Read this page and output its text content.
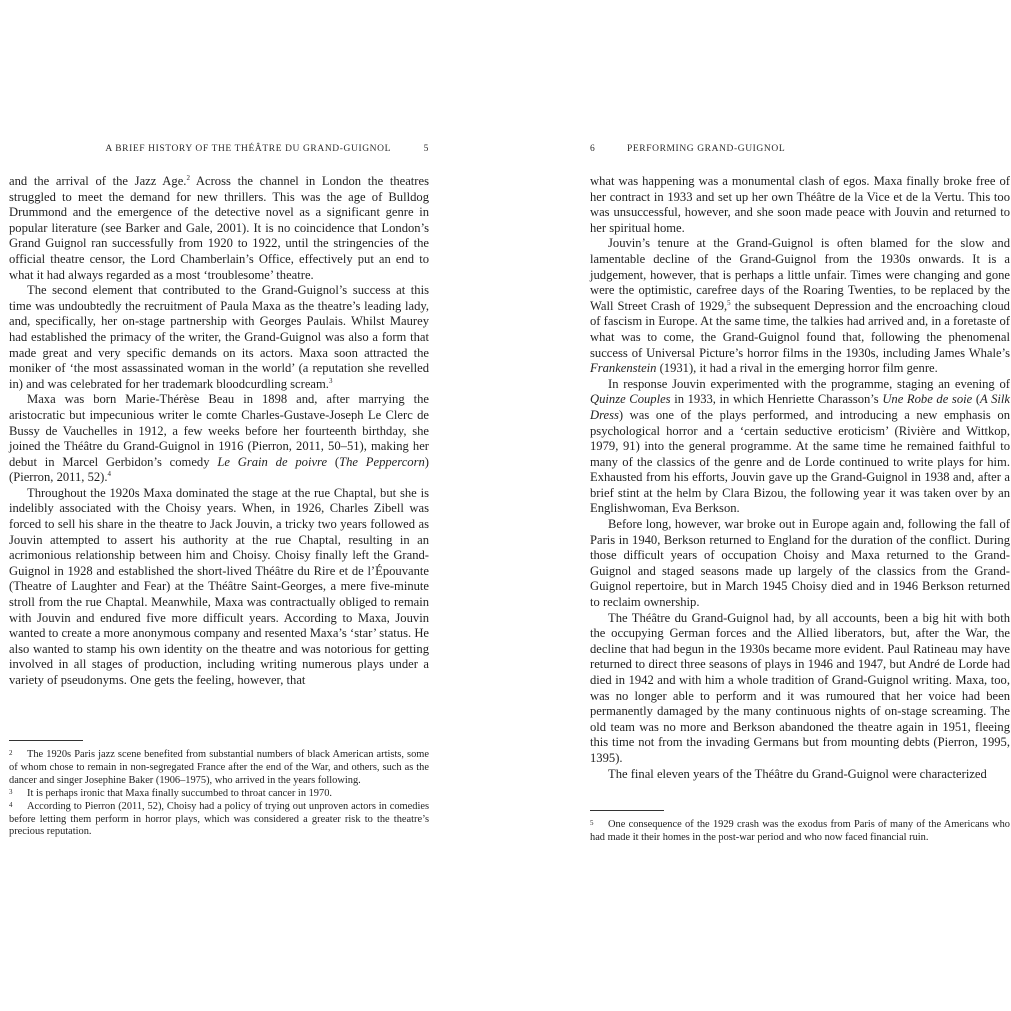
A BRIEF HISTORY OF THE THÉÂTRE DU GRAND-GUIGNOL	5

and the arrival of the Jazz Age.$^2$ Across the channel in London the theatres struggled to meet the demand for new thrillers. This was the age of Bulldog Drummond and the emergence of the detective novel as a significant genre in popular literature (see Barker and Gale, 2001). It is no coincidence that London’s Grand Guignol ran successfully from 1920 to 1922, until the stringencies of the official theatre censor, the Lord Chamberlain’s Office, effectively put an end to what it had always regarded as a most ‘troublesome’ theatre.

The second element that contributed to the Grand-Guignol’s success at this time was undoubtedly the recruitment of Paula Maxa as the theatre’s leading lady, and, specifically, her on-stage partnership with Georges Paulais. Whilst Maurey had established the primacy of the writer, the Grand-Guignol was also a form that made great and very specific demands on its actors. Maxa soon attracted the moniker of ‘the most assassinated woman in the world’ (a reputation she revelled in) and was celebrated for her trademark bloodcurdling scream.$^3$

Maxa was born Marie-Thérèse Beau in 1898 and, after marrying the aristocratic but impecunious writer le comte Charles-Gustave-Joseph Le Clerc de Bussy de Vauchelles in 1912, a few weeks before her fourteenth birthday, she joined the Théâtre du Grand-Guignol in 1916 (Pierron, 2011, 50–51), making her debut in Marcel Gerbidon’s comedy Le Grain de poivre (The Peppercorn) (Pierron, 2011, 52).$^4$

Throughout the 1920s Maxa dominated the stage at the rue Chaptal, but she is indelibly associated with the Choisy years. When, in 1926, Charles Zibell was forced to sell his share in the theatre to Jack Jouvin, a tricky two years followed as Jouvin attempted to assert his authority at the rue Chaptal, resulting in an acrimonious relationship between him and Choisy. Choisy finally left the Grand-Guignol in 1928 and established the short-lived Théâtre du Rire et de l’Épouvante (Theatre of Laughter and Fear) at the Théâtre Saint-Georges, a mere five-minute stroll from the rue Chaptal. Meanwhile, Maxa was contractually obliged to remain with Jouvin and endured five more difficult years. According to Maxa, Jouvin wanted to create a more anonymous company and resented Maxa’s ‘star’ status. He also wanted to stamp his own identity on the theatre and was notorious for getting involved in all stages of production, including writing numerous plays under a variety of pseudonyms. One gets the feeling, however, that

2 The 1920s Paris jazz scene benefited from substantial numbers of black American artists, some of whom chose to remain in non-segregated France after the end of the War, and others, such as the dancer and singer Josephine Baker (1906–1975), who arrived in the years following.

3 It is perhaps ironic that Maxa finally succumbed to throat cancer in 1970.

4 According to Pierron (2011, 52), Choisy had a policy of trying out unproven actors in comedies before letting them perform in horror plays, which was considered a greater risk to the theatre’s precious reputation.

6	PERFORMING GRAND-GUIGNOL

what was happening was a monumental clash of egos. Maxa finally broke free of her contract in 1933 and set up her own Théâtre de la Vice et de la Vertu. This too was unsuccessful, however, and she soon made peace with Jouvin and returned to her spiritual home.

Jouvin’s tenure at the Grand-Guignol is often blamed for the slow and lamentable decline of the Grand-Guignol from the 1930s onwards. It is a judgement, however, that is perhaps a little unfair. Times were changing and gone were the optimistic, carefree days of the Roaring Twenties, to be replaced by the Wall Street Crash of 1929,$^5$ the subsequent Depression and the encroaching cloud of fascism in Europe. At the same time, the talkies had arrived and, in a foretaste of what was to come, the Grand-Guignol found that, following the phenomenal success of Universal Picture’s horror films in the 1930s, including James Whale’s Frankenstein (1931), it had a rival in the emerging horror film genre.

In response Jouvin experimented with the programme, staging an evening of Quinze Couples in 1933, in which Henriette Charasson’s Une Robe de soie (A Silk Dress) was one of the plays performed, and introducing a new emphasis on psychological horror and a ‘certain seductive eroticism’ (Rivière and Wittkop, 1979, 91) into the general programme. At the same time he remained faithful to many of the classics of the genre and de Lorde continued to write plays for him. Exhausted from his efforts, Jouvin gave up the Grand-Guignol in 1938 and, after a brief stint at the helm by Clara Bizou, the following year it was taken over by an Englishwoman, Eva Berkson.

Before long, however, war broke out in Europe again and, following the fall of Paris in 1940, Berkson returned to England for the duration of the conflict. During those difficult years of occupation Choisy and Maxa returned to the Grand-Guignol and staged seasons made up largely of the classics from the Grand-Guignol repertoire, but in March 1945 Choisy died and in 1946 Berkson returned to reclaim ownership.

The Théâtre du Grand-Guignol had, by all accounts, been a big hit with both the occupying German forces and the Allied liberators, but, after the War, the decline that had begun in the 1930s became more evident. Paul Ratineau may have returned to direct three seasons of plays in 1946 and 1947, but André de Lorde had died in 1942 and with him a whole tradition of Grand-Guignol writing. Maxa, too, was no longer able to perform and it was rumoured that her voice had been permanently damaged by the many continuous nights of on-stage screaming. The old team was no more and Berkson abandoned the theatre again in 1951, fleeing this time not from the invading Germans but from mounting debts (Pierron, 1995, 1395).

The final eleven years of the Théâtre du Grand-Guignol were characterized

5 One consequence of the 1929 crash was the exodus from Paris of many of the Americans who had made it their homes in the post-war period and who now faced financial ruin.
